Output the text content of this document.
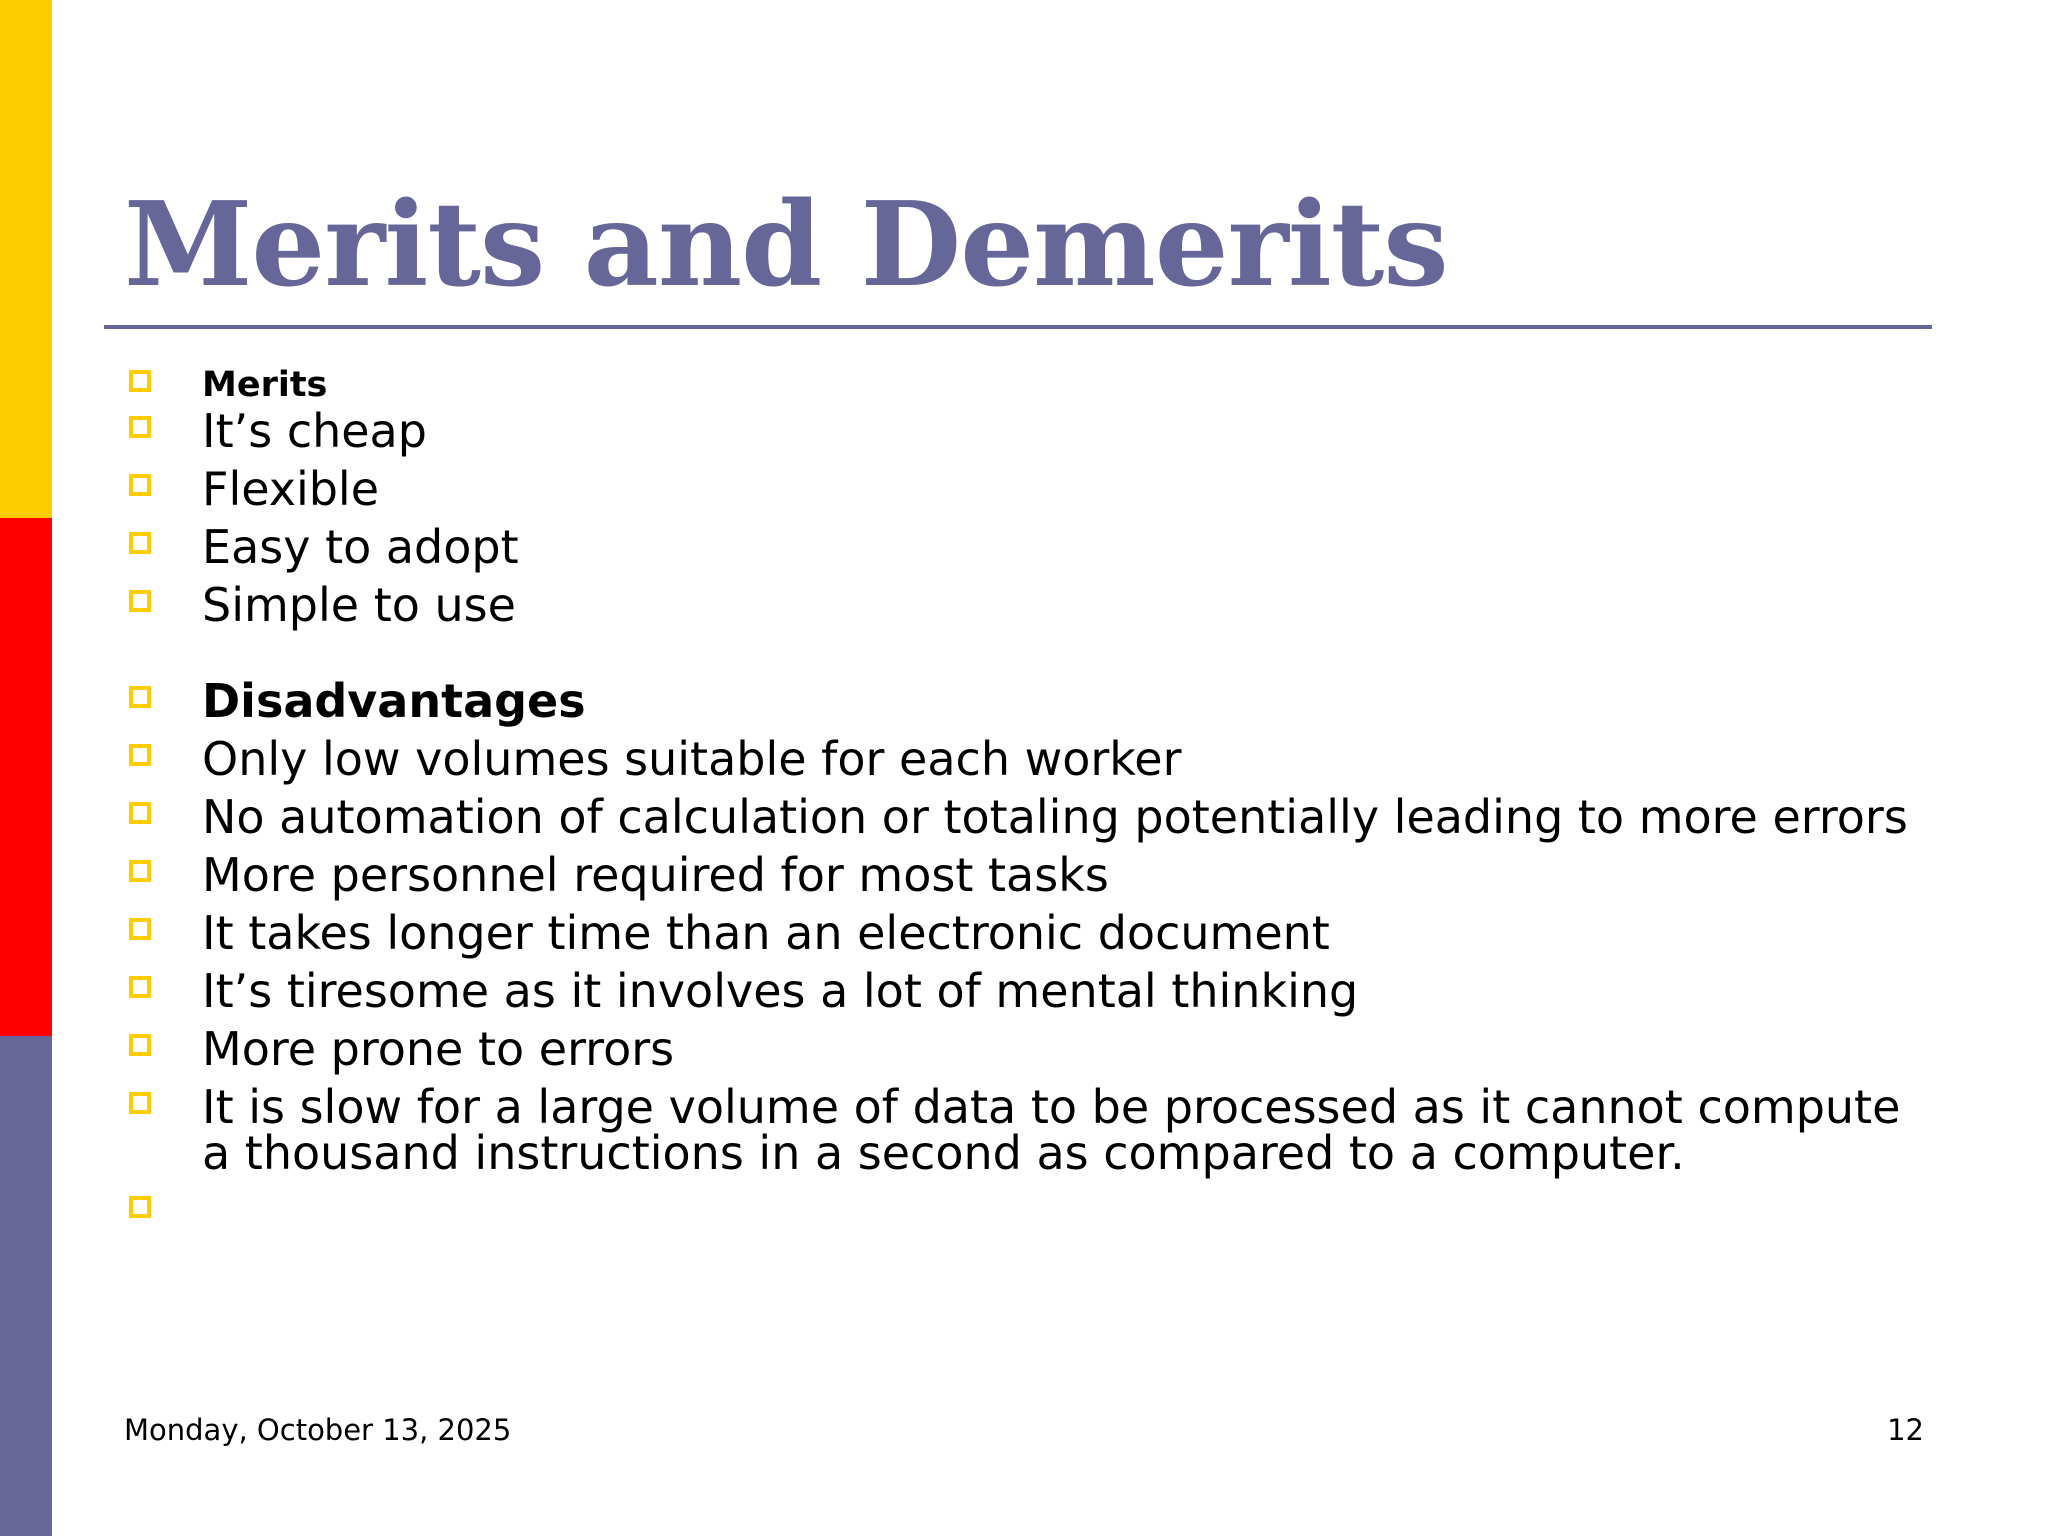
Merits and Demerits
Merits
It’s cheap
Flexible
Easy to adopt
Simple to use
Disadvantages
Only low volumes suitable for each worker
No automation of calculation or totaling potentially leading to more errors
More personnel required for most tasks
It takes longer time than an electronic document
It’s tiresome as it involves a lot of mental thinking
More prone to errors
It is slow for a large volume of data to be processed as it cannot compute a thousand instructions in a second as compared to a computer.
Monday, October 13, 2025	12
